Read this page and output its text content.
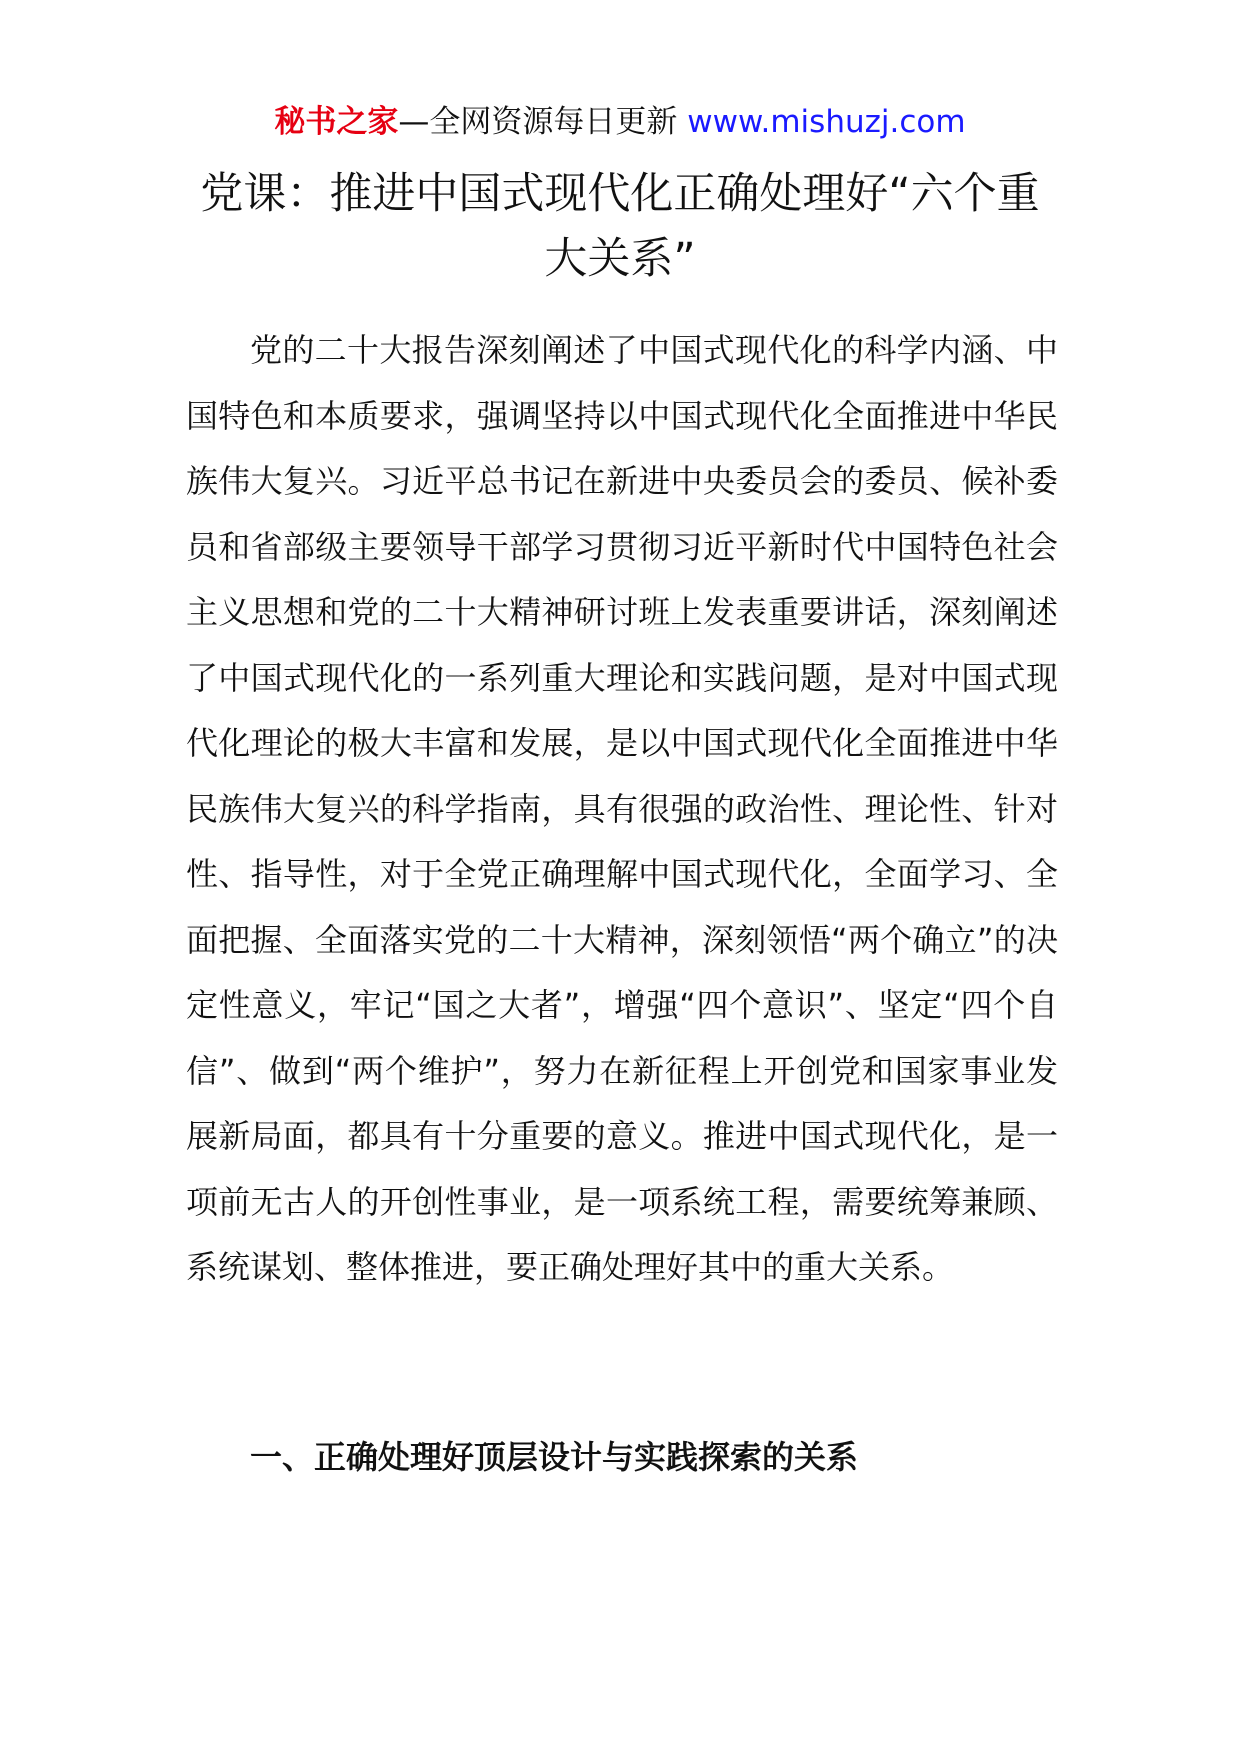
秘书之家—全网资源每日更新 www.mishuzj.com
党课：推进中国式现代化正确处理好“六个重大关系”

党的二十大报告深刻阐述了中国式现代化的科学内涵、中国特色和本质要求，强调坚持以中国式现代化全面推进中华民族伟大复兴。习近平总书记在新进中央委员会的委员、候补委员和省部级主要领导干部学习贯彻习近平新时代中国特色社会主义思想和党的二十大精神研讨班上发表重要讲话，深刻阐述了中国式现代化的一系列重大理论和实践问题，是对中国式现代化理论的极大丰富和发展，是以中国式现代化全面推进中华民族伟大复兴的科学指南，具有很强的政治性、理论性、针对性、指导性，对于全党正确理解中国式现代化，全面学习、全面把握、全面落实党的二十大精神，深刻领悟“两个确立”的决定性意义，牢记“国之大者”，增强“四个意识”、坚定“四个自信”、做到“两个维护”，努力在新征程上开创党和国家事业发展新局面，都具有十分重要的意义。推进中国式现代化，是一项前无古人的开创性事业，是一项系统工程，需要统筹兼顾、系统谋划、整体推进，要正确处理好其中的重大关系。

一、正确处理好顶层设计与实践探索的关系
